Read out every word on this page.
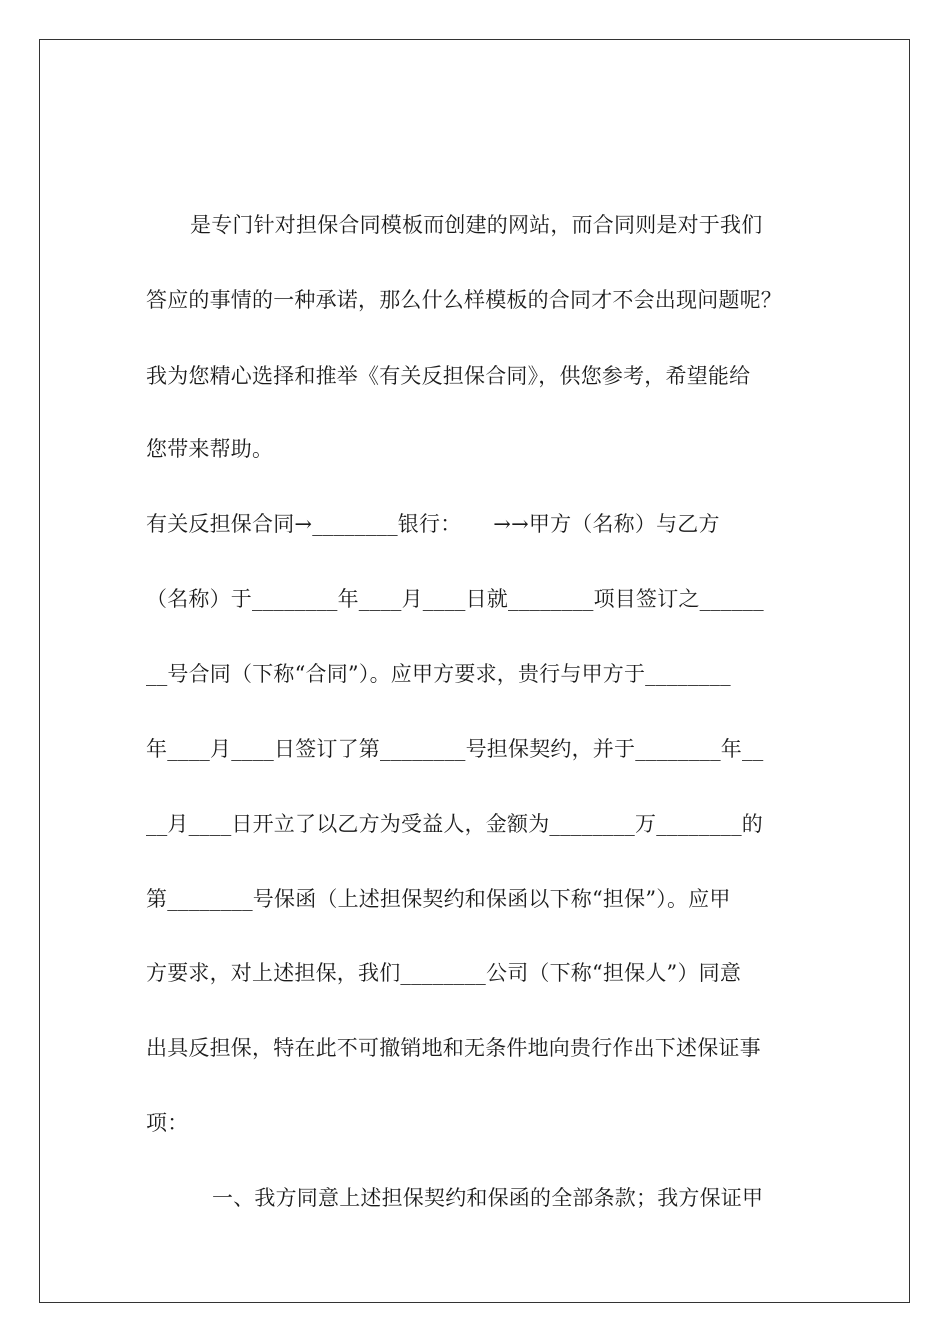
是专门针对担保合同模板而创建的网站，而合同则是对于我们
答应的事情的一种承诺，那么什么样模板的合同才不会出现问题呢？
我为您精心选择和推举《有关反担保合同》，供您参考，希望能给
您带来帮助。
有关反担保合同→________银行：　　→→甲方（名称）与乙方
（名称）于________年____月____日就________项目签订之______
__号合同（下称“合同”）。应甲方要求，贵行与甲方于________
年____月____日签订了第________号担保契约，并于________年__
__月____日开立了以乙方为受益人，金额为________万________的
第________号保函（上述担保契约和保函以下称“担保”）。应甲
方要求，对上述担保，我们________公司（下称“担保人”）同意
出具反担保，特在此不可撤销地和无条件地向贵行作出下述保证事
项：
一、我方同意上述担保契约和保函的全部条款；我方保证甲
